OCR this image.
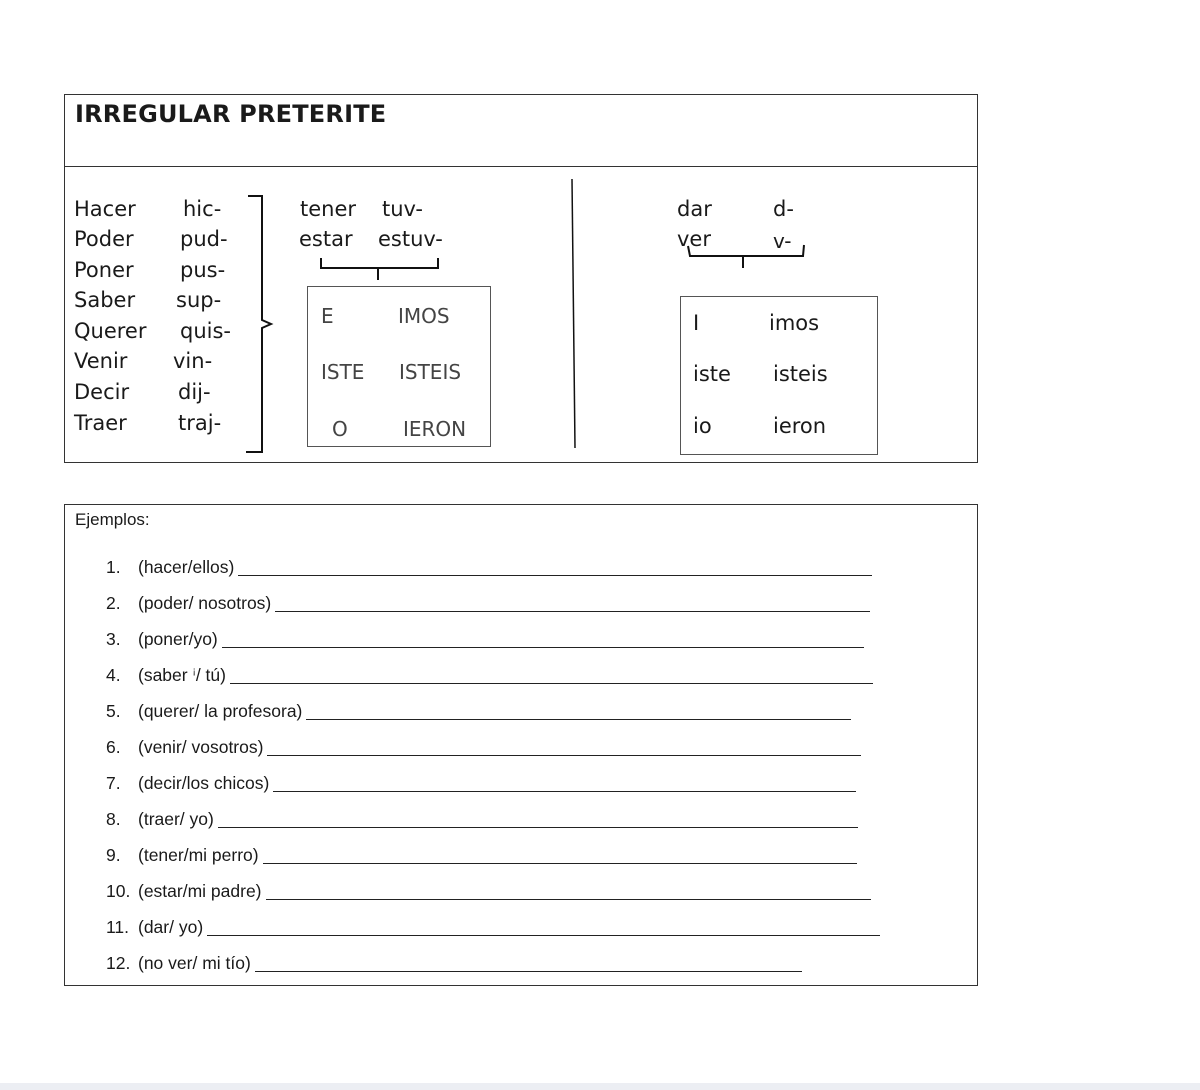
IRREGULAR PRETERITE
Hacer hic-
Poder pud-
Poner pus-
Saber sup-
Querer quis-
Venir vin-
Decir dij-
Traer traj-
tener tuv-
estar estuv-
E	IMOS
ISTE ISTEIS
O	IERON
dar	d-
ver	v-
I	imos
iste isteis
io	ieron
Ejemplos:
1. (hacer/ellos)
2. (poder/ nosotros)
3. (poner/yo)
4. (saber ¡/ tú)
5. (querer/ la profesora)
6. (venir/ vosotros)
7. (decir/los chicos)
8. (traer/ yo)
9. (tener/mi perro)
10. (estar/mi padre)
11. (dar/ yo)
12. (no ver/ mi tío)
